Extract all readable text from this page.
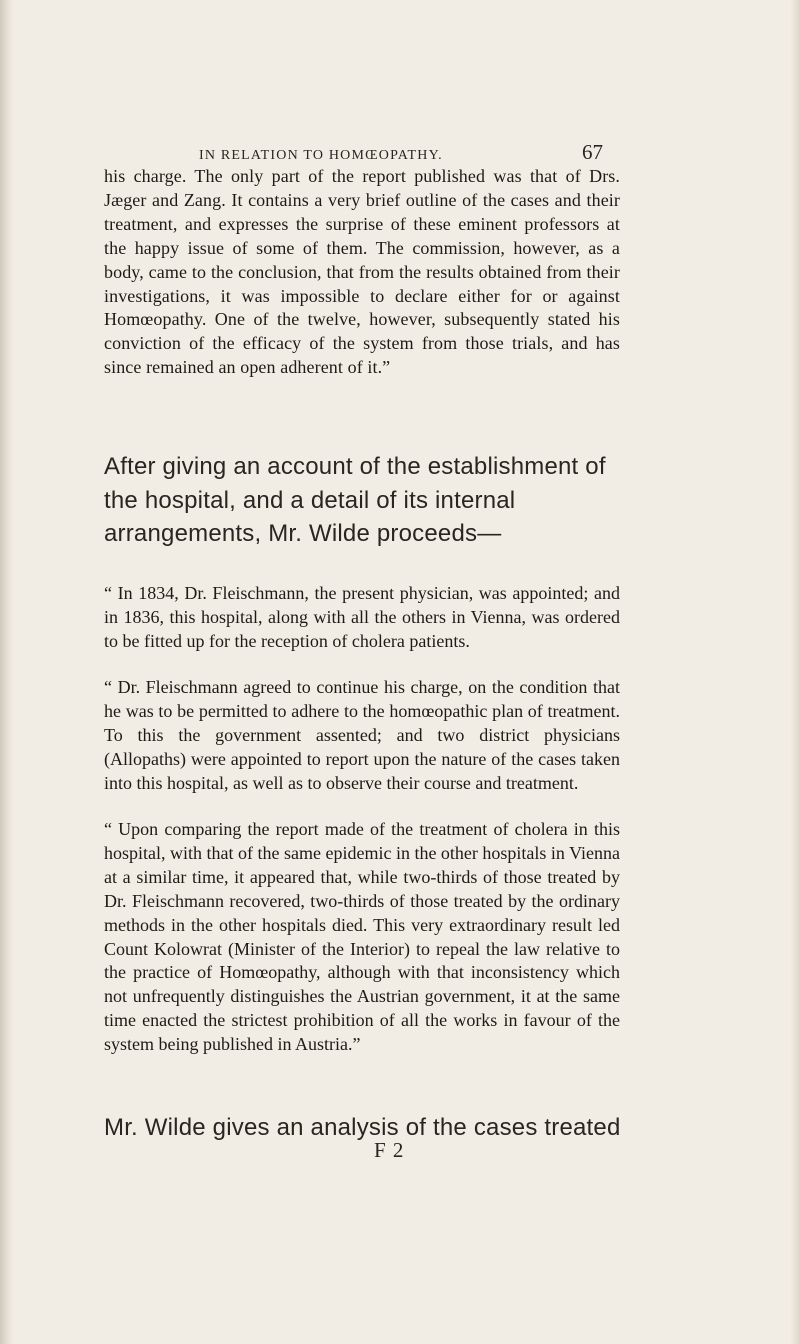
IN RELATION TO HOMŒOPATHY.	67

his charge. The only part of the report published was that of Drs. Jæger and Zang. It contains a very brief outline of the cases and their treatment, and expresses the surprise of these eminent professors at the happy issue of some of them. The commission, however, as a body, came to the conclusion, that from the results obtained from their investigations, it was impossible to declare either for or against Homœopathy. One of the twelve, however, subsequently stated his conviction of the efficacy of the system from those trials, and has since remained an open adherent of it.”

After giving an account of the establishment of the hospital, and a detail of its internal arrangements, Mr. Wilde proceeds—

“ In 1834, Dr. Fleischmann, the present physician, was appointed; and in 1836, this hospital, along with all the others in Vienna, was ordered to be fitted up for the reception of cholera patients.

“ Dr. Fleischmann agreed to continue his charge, on the condition that he was to be permitted to adhere to the homœopathic plan of treatment. To this the government assented; and two district physicians (Allopaths) were appointed to report upon the nature of the cases taken into this hospital, as well as to observe their course and treatment.

“ Upon comparing the report made of the treatment of cholera in this hospital, with that of the same epidemic in the other hospitals in Vienna at a similar time, it appeared that, while two-thirds of those treated by Dr. Fleischmann recovered, two-thirds of those treated by the ordinary methods in the other hospitals died. This very extraordinary result led Count Kolowrat (Minister of the Interior) to repeal the law relative to the practice of Homœopathy, although with that inconsistency which not unfrequently distinguishes the Austrian government, it at the same time enacted the strictest prohibition of all the works in favour of the system being published in Austria.”

Mr. Wilde gives an analysis of the cases treated

F 2
